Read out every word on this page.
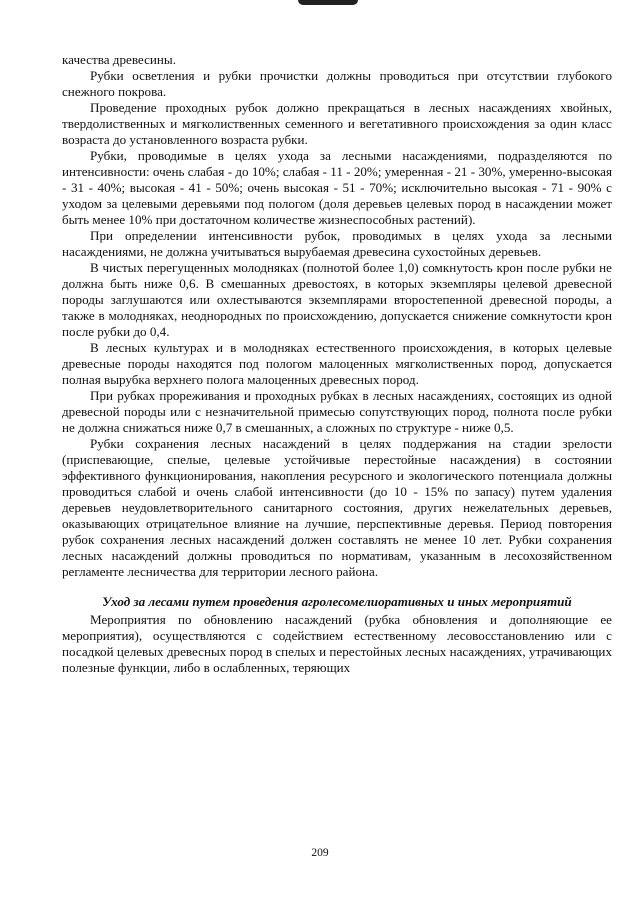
качества древесины.

Рубки осветления и рубки прочистки должны проводиться при отсутствии глубокого снежного покрова.

Проведение проходных рубок должно прекращаться в лесных насаждениях хвойных, твердолиственных и мягколиственных семенного и вегетативного происхождения за один класс возраста до установленного возраста рубки.

Рубки, проводимые в целях ухода за лесными насаждениями, подразделяются по интенсивности: очень слабая - до 10%; слабая - 11 - 20%; умеренная - 21 - 30%, умеренно-высокая - 31 - 40%; высокая - 41 - 50%; очень высокая - 51 - 70%; исключительно высокая - 71 - 90% с уходом за целевыми деревьями под пологом (доля деревьев целевых пород в насаждении может быть менее 10% при достаточном количестве жизнеспособных растений).

При определении интенсивности рубок, проводимых в целях ухода за лесными насаждениями, не должна учитываться вырубаемая древесина сухостойных деревьев.

В чистых перегущенных молодняках (полнотой более 1,0) сомкнутость крон после рубки не должна быть ниже 0,6. В смешанных древостоях, в которых экземпляры целевой древесной породы заглушаются или охлестываются экземплярами второстепенной древесной породы, а также в молодняках, неоднородных по происхождению, допускается снижение сомкнутости крон после рубки до 0,4.

В лесных культурах и в молодняках естественного происхождения, в которых целевые древесные породы находятся под пологом малоценных мягколиственных пород, допускается полная вырубка верхнего полога малоценных древесных пород.

При рубках прореживания и проходных рубках в лесных насаждениях, состоящих из одной древесной породы или с незначительной примесью сопутствующих пород, полнота после рубки не должна снижаться ниже 0,7 в смешанных, а сложных по структуре - ниже 0,5.

Рубки сохранения лесных насаждений в целях поддержания на стадии зрелости (приспевающие, спелые, целевые устойчивые перестойные насаждения) в состоянии эффективного функционирования, накопления ресурсного и экологического потенциала должны проводиться слабой и очень слабой интенсивности (до 10 - 15% по запасу) путем удаления деревьев неудовлетворительного санитарного состояния, других нежелательных деревьев, оказывающих отрицательное влияние на лучшие, перспективные деревья. Период повторения рубок сохранения лесных насаждений должен составлять не менее 10 лет. Рубки сохранения лесных насаждений должны проводиться по нормативам, указанным в лесохозяйственном регламенте лесничества для территории лесного района.

Уход за лесами путем проведения агролесомелиоративных и иных мероприятий

Мероприятия по обновлению насаждений (рубка обновления и дополняющие ее мероприятия), осуществляются с содействием естественному лесовосстановлению или с посадкой целевых древесных пород в спелых и перестойных лесных насаждениях, утрачивающих полезные функции, либо в ослабленных, теряющих

209
